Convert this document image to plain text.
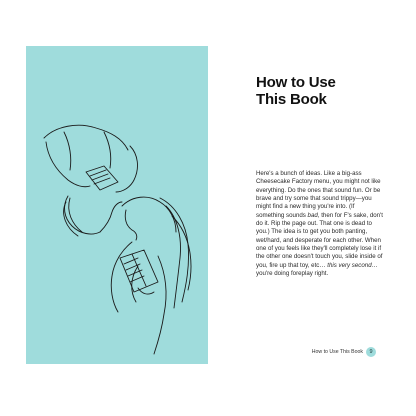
How to Use
This Book
Here's a bunch of ideas. Like a big-ass Cheesecake Factory menu, you might not like everything. Do the ones that sound fun. Or be brave and try some that sound trippy—you might find a new thing you're into. (If something sounds bad, then for F's sake, don't do it. Rip the page out. That one is dead to you.) The idea is to get you both panting, wet/hard, and desperate for each other. When one of you feels like they'll completely lose it if the other one doesn't touch you, slide inside of you, fire up that toy, etc… this very second… you're doing foreplay right.
How to Use This Book	9
